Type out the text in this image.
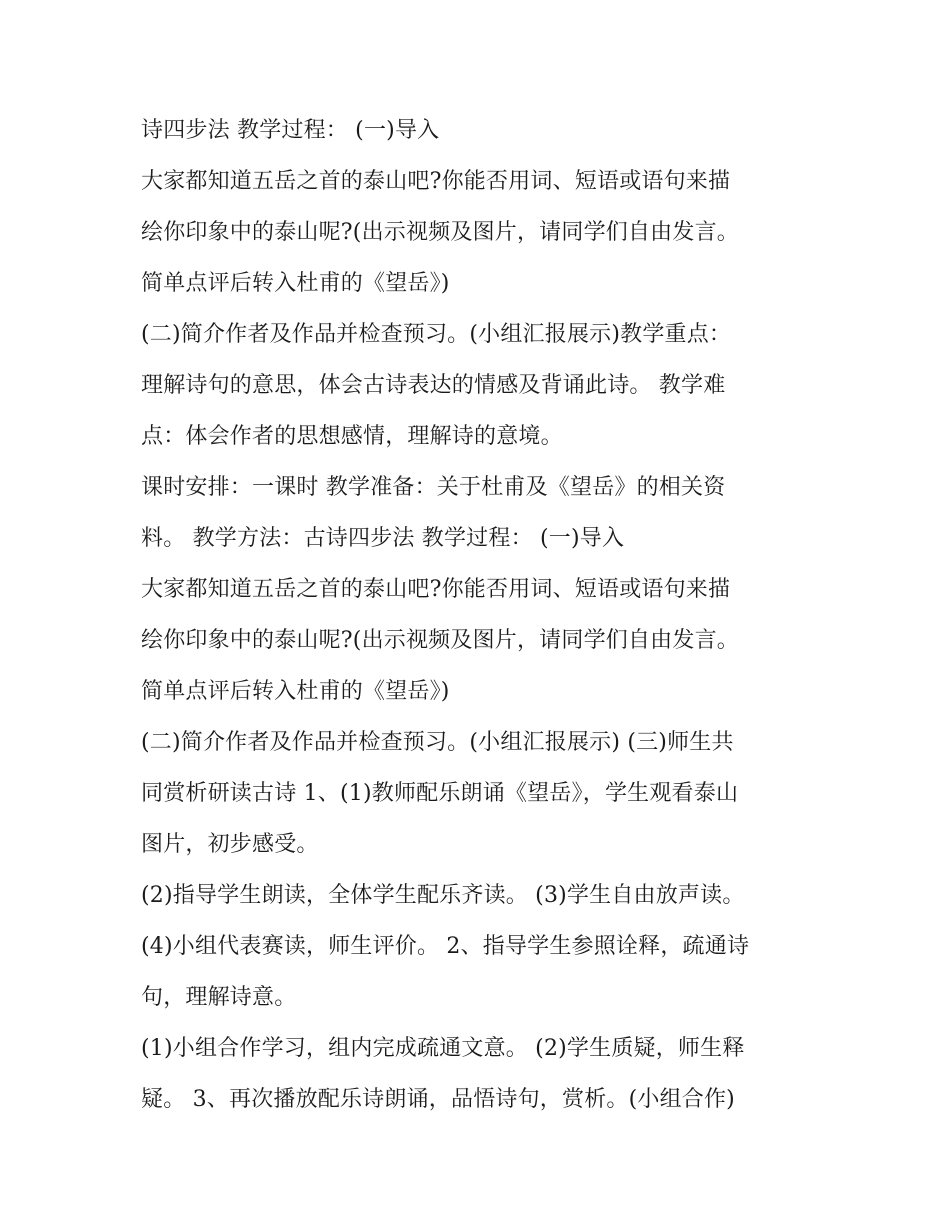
诗四步法 教学过程： (一)导入
大家都知道五岳之首的泰山吧?你能否用词、短语或语句来描
绘你印象中的泰山呢?(出示视频及图片，请同学们自由发言。
简单点评后转入杜甫的《望岳》)
(二)简介作者及作品并检查预习。(小组汇报展示)教学重点：
理解诗句的意思，体会古诗表达的情感及背诵此诗。 教学难
点：体会作者的思想感情，理解诗的意境。
课时安排：一课时 教学准备：关于杜甫及《望岳》的相关资
料。 教学方法：古诗四步法 教学过程： (一)导入
大家都知道五岳之首的泰山吧?你能否用词、短语或语句来描
绘你印象中的泰山呢?(出示视频及图片，请同学们自由发言。
简单点评后转入杜甫的《望岳》)
(二)简介作者及作品并检查预习。(小组汇报展示) (三)师生共
同赏析研读古诗 1、(1)教师配乐朗诵《望岳》，学生观看泰山
图片，初步感受。
(2)指导学生朗读，全体学生配乐齐读。 (3)学生自由放声读。
(4)小组代表赛读，师生评价。 2、指导学生参照诠释，疏通诗
句，理解诗意。
(1)小组合作学习，组内完成疏通文意。 (2)学生质疑，师生释
疑。 3、再次播放配乐诗朗诵，品悟诗句，赏析。(小组合作)
